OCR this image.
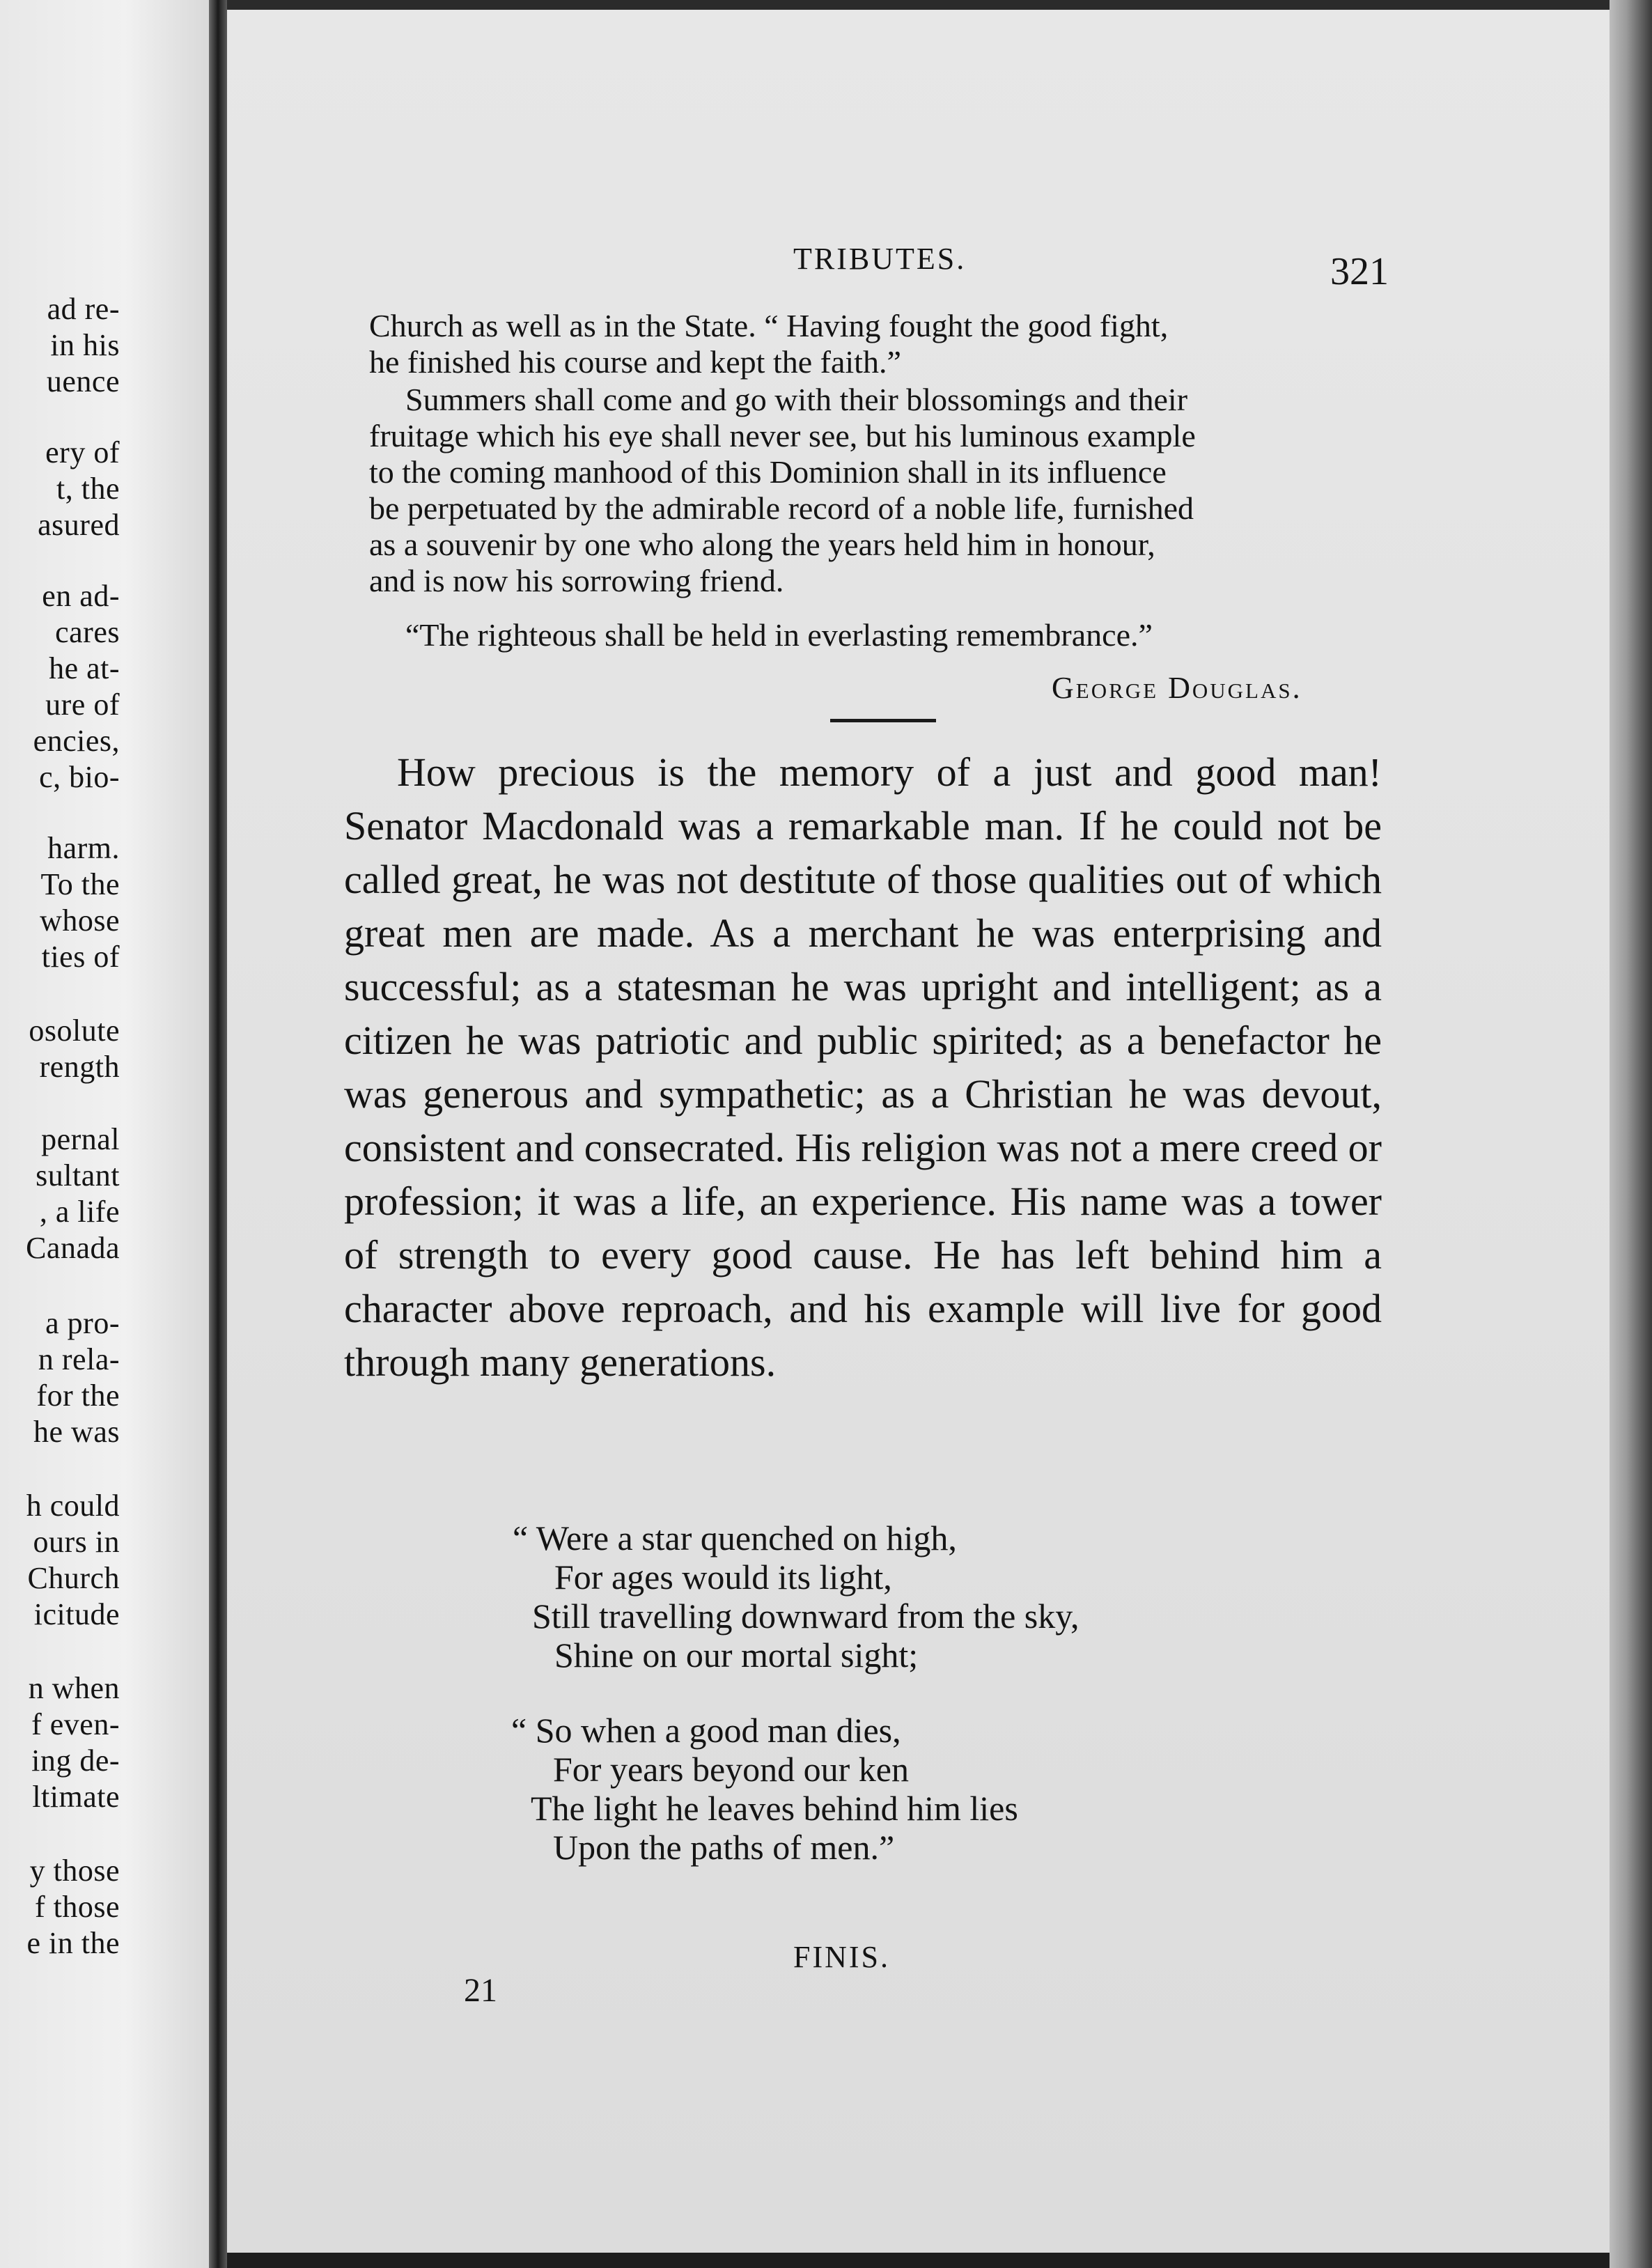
ad re-
in his
uence
ery of
t, the
asured
en ad-
cares
he at-
ure of
encies,
c, bio-
harm.
To the
whose
ties of
osolute
rength
pernal
sultant
, a life
Canada
a pro-
n rela-
for the
he was
h could
ours in
Church
icitude
n when
f even-
ing de-
ltimate
y those
f those
e in the
TRIBUTES.	321
Church as well as in the State. “ Having fought the good fight,
he finished his course and kept the faith.”
Summers shall come and go with their blossomings and their
fruitage which his eye shall never see, but his luminous example
to the coming manhood of this Dominion shall in its influence
be perpetuated by the admirable record of a noble life, furnished
as a souvenir by one who along the years held him in honour,
and is now his sorrowing friend.
“The righteous shall be held in everlasting remembrance.”
George Douglas.
How precious is the memory of a just and good man! Senator Macdonald was a remarkable man. If he could not be called great, he was not destitute of those qualities out of which great men are made. As a merchant he was enterprising and successful; as a statesman he was upright and intelligent; as a citizen he was patriotic and public spirited; as a benefactor he was generous and sympathetic; as a Christian he was devout, consistent and consecrated. His religion was not a mere creed or profession; it was a life, an experience. His name was a tower of strength to every good cause. He has left behind him a character above reproach, and his example will live for good through many generations.
“ Were a star quenched on high,
For ages would its light,
Still travelling downward from the sky,
Shine on our mortal sight;
“ So when a good man dies,
For years beyond our ken
The light he leaves behind him lies
Upon the paths of men.”
FINIS.
21
